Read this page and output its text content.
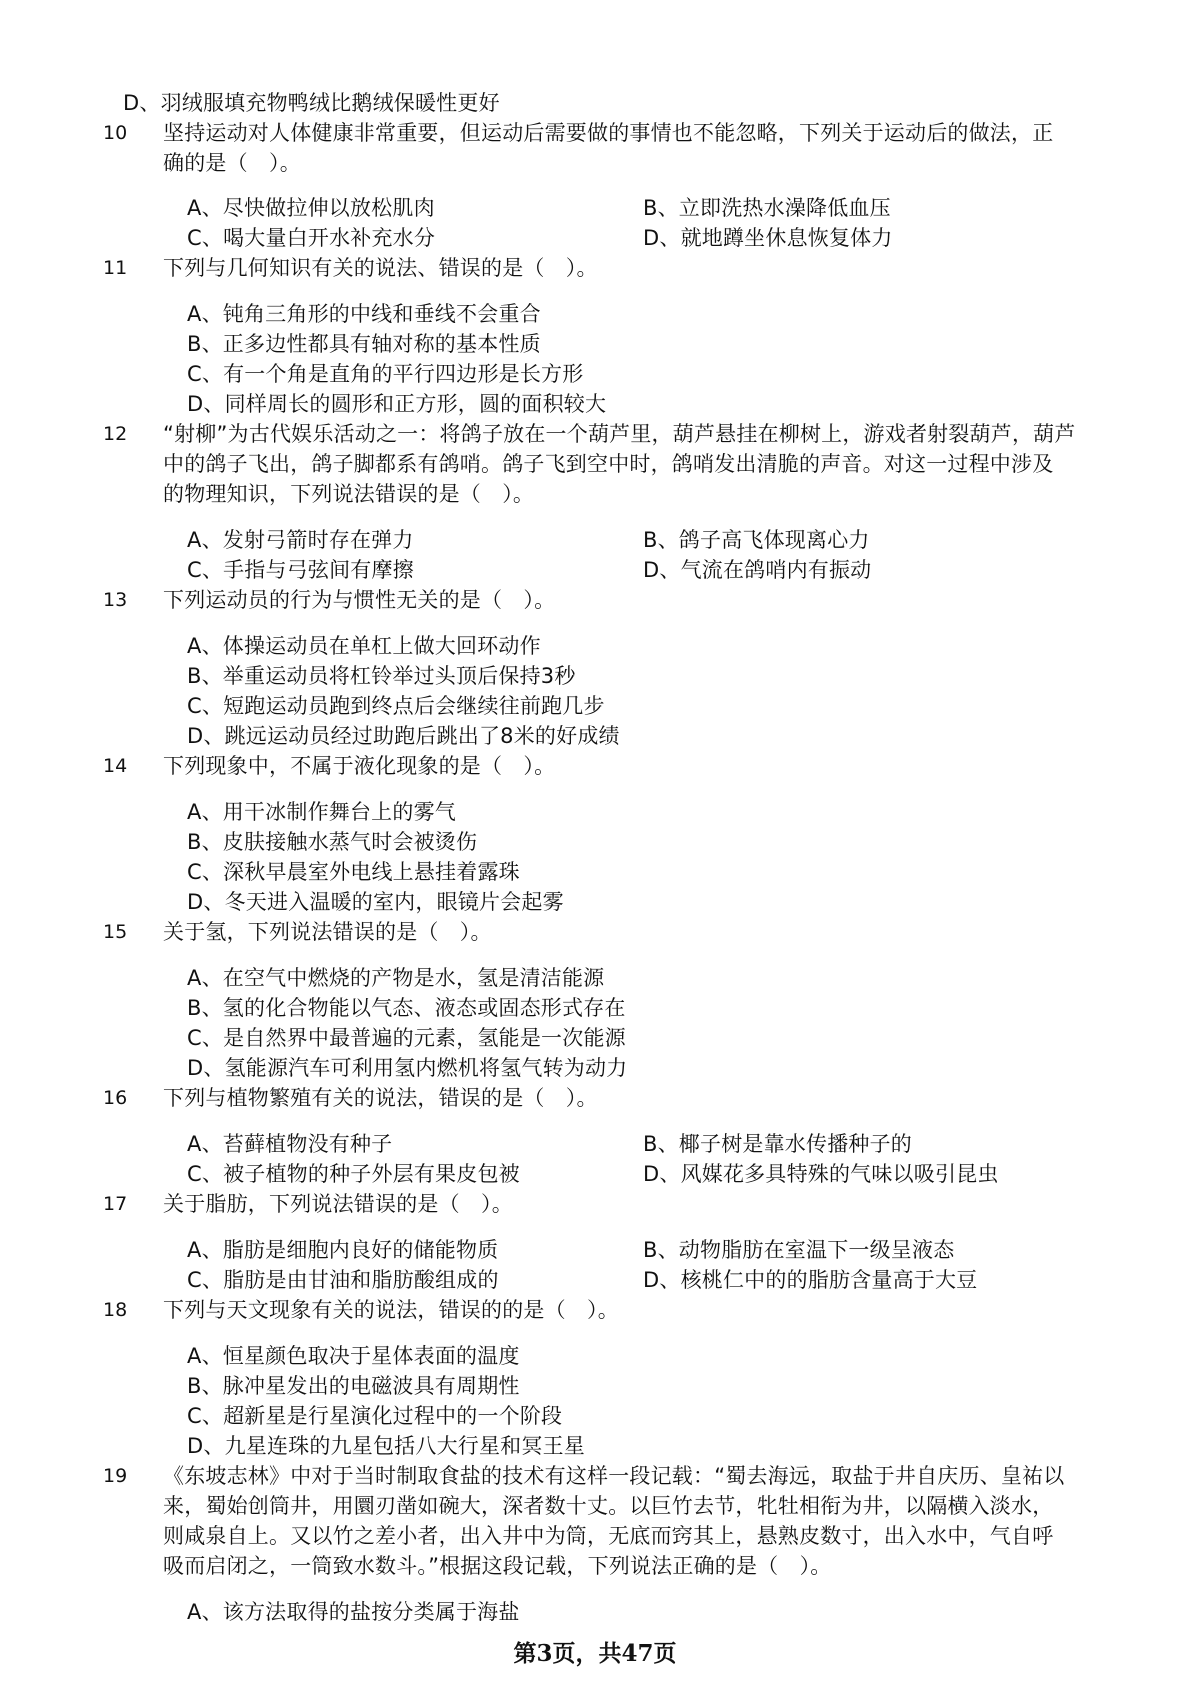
D、羽绒服填充物鸭绒比鹅绒保暖性更好
10 坚持运动对人体健康非常重要，但运动后需要做的事情也不能忽略，下列关于运动后的做法，正
确的是（　）。
A、尽快做拉伸以放松肌肉	B、立即洗热水澡降低血压
C、喝大量白开水补充水分	D、就地蹲坐休息恢复体力
11 下列与几何知识有关的说法、错误的是（　）。
A、钝角三角形的中线和垂线不会重合
B、正多边性都具有轴对称的基本性质
C、有一个角是直角的平行四边形是长方形
D、同样周长的圆形和正方形，圆的面积较大
12 “射柳”为古代娱乐活动之一：将鸽子放在一个葫芦里，葫芦悬挂在柳树上，游戏者射裂葫芦，葫芦
中的鸽子飞出，鸽子脚都系有鸽哨。鸽子飞到空中时，鸽哨发出清脆的声音。对这一过程中涉及
的物理知识，下列说法错误的是（　）。
A、发射弓箭时存在弹力	B、鸽子高飞体现离心力
C、手指与弓弦间有摩擦	D、气流在鸽哨内有振动
13 下列运动员的行为与惯性无关的是（　）。
A、体操运动员在单杠上做大回环动作
B、举重运动员将杠铃举过头顶后保持3秒
C、短跑运动员跑到终点后会继续往前跑几步
D、跳远运动员经过助跑后跳出了8米的好成绩
14 下列现象中，不属于液化现象的是（　）。
A、用干冰制作舞台上的雾气
B、皮肤接触水蒸气时会被烫伤
C、深秋早晨室外电线上悬挂着露珠
D、冬天进入温暖的室内，眼镜片会起雾
15 关于氢，下列说法错误的是（　）。
A、在空气中燃烧的产物是水，氢是清洁能源
B、氢的化合物能以气态、液态或固态形式存在
C、是自然界中最普遍的元素，氢能是一次能源
D、氢能源汽车可利用氢内燃机将氢气转为动力
16 下列与植物繁殖有关的说法，错误的是（　）。
A、苔藓植物没有种子	B、椰子树是靠水传播种子的
C、被子植物的种子外层有果皮包被	D、风媒花多具特殊的气味以吸引昆虫
17 关于脂肪，下列说法错误的是（　）。
A、脂肪是细胞内良好的储能物质	B、动物脂肪在室温下一级呈液态
C、脂肪是由甘油和脂肪酸组成的	D、核桃仁中的的脂肪含量高于大豆
18 下列与天文现象有关的说法，错误的的是（　）。
A、恒星颜色取决于星体表面的温度
B、脉冲星发出的电磁波具有周期性
C、超新星是行星演化过程中的一个阶段
D、九星连珠的九星包括八大行星和冥王星
19 《东坡志林》中对于当时制取食盐的技术有这样一段记载：“蜀去海远，取盐于井自庆历、皇祐以
来，蜀始创筒井，用圜刃凿如碗大，深者数十丈。以巨竹去节，牝牡相衔为井，以隔横入淡水，
则咸泉自上。又以竹之差小者，出入井中为筒，无底而窍其上，悬熟皮数寸，出入水中，气自呼
吸而启闭之，一筒致水数斗。”根据这段记载，下列说法正确的是（　）。
A、该方法取得的盐按分类属于海盐
第3页，共47页
